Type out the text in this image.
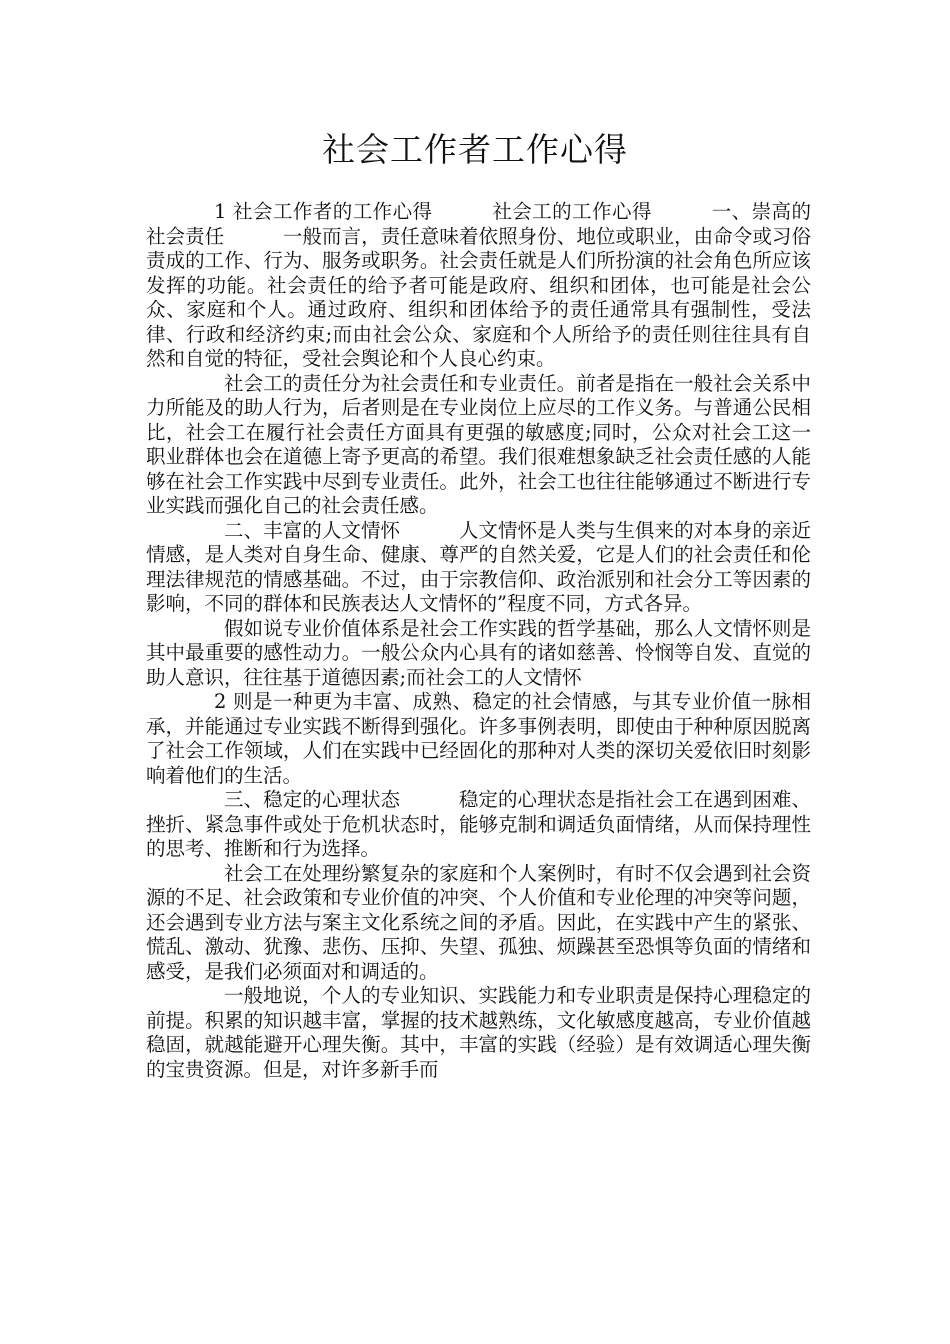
社会工作者工作心得

1 社会工作者的工作心得　　　社会工的工作心得　　　一、崇高的社会责任　　　一般而言，责任意味着依照身份、地位或职业，由命令或习俗责成的工作、行为、服务或职务。社会责任就是人们所扮演的社会角色所应该发挥的功能。社会责任的给予者可能是政府、组织和团体，也可能是社会公众、家庭和个人。通过政府、组织和团体给予的责任通常具有强制性，受法律、行政和经济约束;而由社会公众、家庭和个人所给予的责任则往往具有自然和自觉的特征，受社会舆论和个人良心约束。

社会工的责任分为社会责任和专业责任。前者是指在一般社会关系中力所能及的助人行为，后者则是在专业岗位上应尽的工作义务。与普通公民相比，社会工在履行社会责任方面具有更强的敏感度;同时，公众对社会工这一职业群体也会在道德上寄予更高的希望。我们很难想象缺乏社会责任感的人能够在社会工作实践中尽到专业责任。此外，社会工也往往能够通过不断进行专业实践而强化自己的社会责任感。

二、丰富的人文情怀　　　人文情怀是人类与生俱来的对本身的亲近情感，是人类对自身生命、健康、尊严的自然关爱，它是人们的社会责任和伦理法律规范的情感基础。不过，由于宗教信仰、政治派别和社会分工等因素的影响，不同的群体和民族表达人文情怀的”程度不同，方式各异。

假如说专业价值体系是社会工作实践的哲学基础，那么人文情怀则是其中最重要的感性动力。一般公众内心具有的诸如慈善、怜悯等自发、直觉的助人意识，往往基于道德因素;而社会工的人文情怀

2 则是一种更为丰富、成熟、稳定的社会情感，与其专业价值一脉相承，并能通过专业实践不断得到强化。许多事例表明，即使由于种种原因脱离了社会工作领域，人们在实践中已经固化的那种对人类的深切关爱依旧时刻影响着他们的生活。

三、稳定的心理状态　　　稳定的心理状态是指社会工在遇到困难、挫折、紧急事件或处于危机状态时，能够克制和调适负面情绪，从而保持理性的思考、推断和行为选择。

社会工在处理纷繁复杂的家庭和个人案例时，有时不仅会遇到社会资源的不足、社会政策和专业价值的冲突、个人价值和专业伦理的冲突等问题，还会遇到专业方法与案主文化系统之间的矛盾。因此，在实践中产生的紧张、慌乱、激动、犹豫、悲伤、压抑、失望、孤独、烦躁甚至恐惧等负面的情绪和感受，是我们必须面对和调适的。

一般地说，个人的专业知识、实践能力和专业职责是保持心理稳定的前提。积累的知识越丰富，掌握的技术越熟练，文化敏感度越高，专业价值越稳固，就越能避开心理失衡。其中，丰富的实践（经验）是有效调适心理失衡的宝贵资源。但是，对许多新手而
